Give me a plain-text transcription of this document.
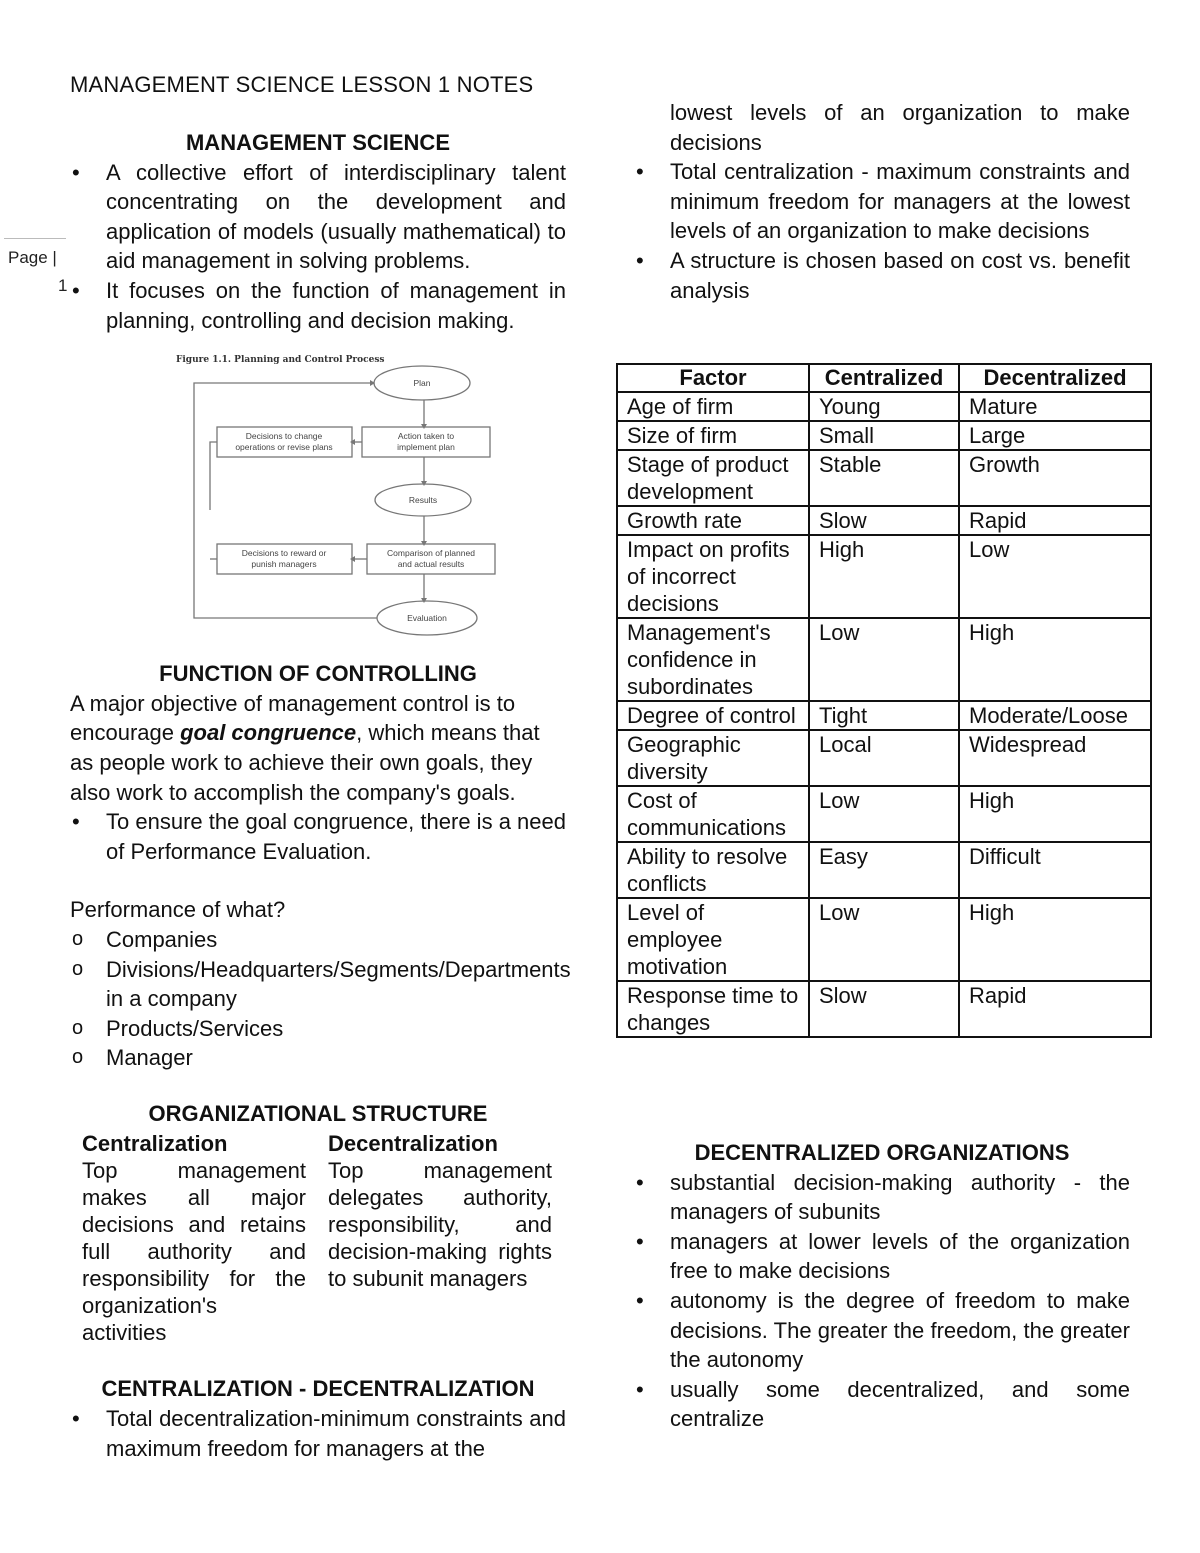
MANAGEMENT SCIENCE LESSON 1 NOTES
Page |
1
MANAGEMENT SCIENCE
• A collective effort of interdisciplinary talent concentrating on the development and application of models (usually mathematical) to aid management in solving problems.
• It focuses on the function of management in planning, controlling and decision making.
FUNCTION OF CONTROLLING
A major objective of management control is to encourage goal congruence, which means that as people work to achieve their own goals, they also work to accomplish the company's goals.
• To ensure the goal congruence, there is a need of Performance Evaluation.
Performance of what?
o Companies
o Divisions/Headquarters/Segments/Departments in a company
o Products/Services
o Manager
ORGANIZATIONAL STRUCTURE
Centralization
Top management makes all major decisions and retains full authority and responsibility for the organization's activities
Decentralization
Top management delegates authority, responsibility, and decision-making rights to subunit managers
CENTRALIZATION - DECENTRALIZATION
• Total decentralization-minimum constraints and maximum freedom for managers at the
Figure 1.1. Planning and Control Process
Plan
Decisions to change
operations or revise plans
Action taken to
implement plan
Results
Decisions to reward or
punish managers
Comparison of planned
and actual results
Evaluation
lowest levels of an organization to make decisions
• Total centralization - maximum constraints and minimum freedom for managers at the lowest levels of an organization to make decisions
• A structure is chosen based on cost vs. benefit analysis
Factor	Centralized	Decentralized
Age of firm	Young	Mature
Size of firm	Small	Large
Stage of product development	Stable	Growth
Growth rate	Slow	Rapid
Impact on profits of incorrect decisions	High	Low
Management's confidence in subordinates	Low	High
Degree of control	Tight	Moderate/Loose
Geographic diversity	Local	Widespread
Cost of communications	Low	High
Ability to resolve conflicts	Easy	Difficult
Level of employee motivation	Low	High
Response time to changes	Slow	Rapid
DECENTRALIZED ORGANIZATIONS
• substantial decision-making authority - the managers of subunits
• managers at lower levels of the organization free to make decisions
• autonomy is the degree of freedom to make decisions. The greater the freedom, the greater the autonomy
• usually some decentralized, and some centralize
